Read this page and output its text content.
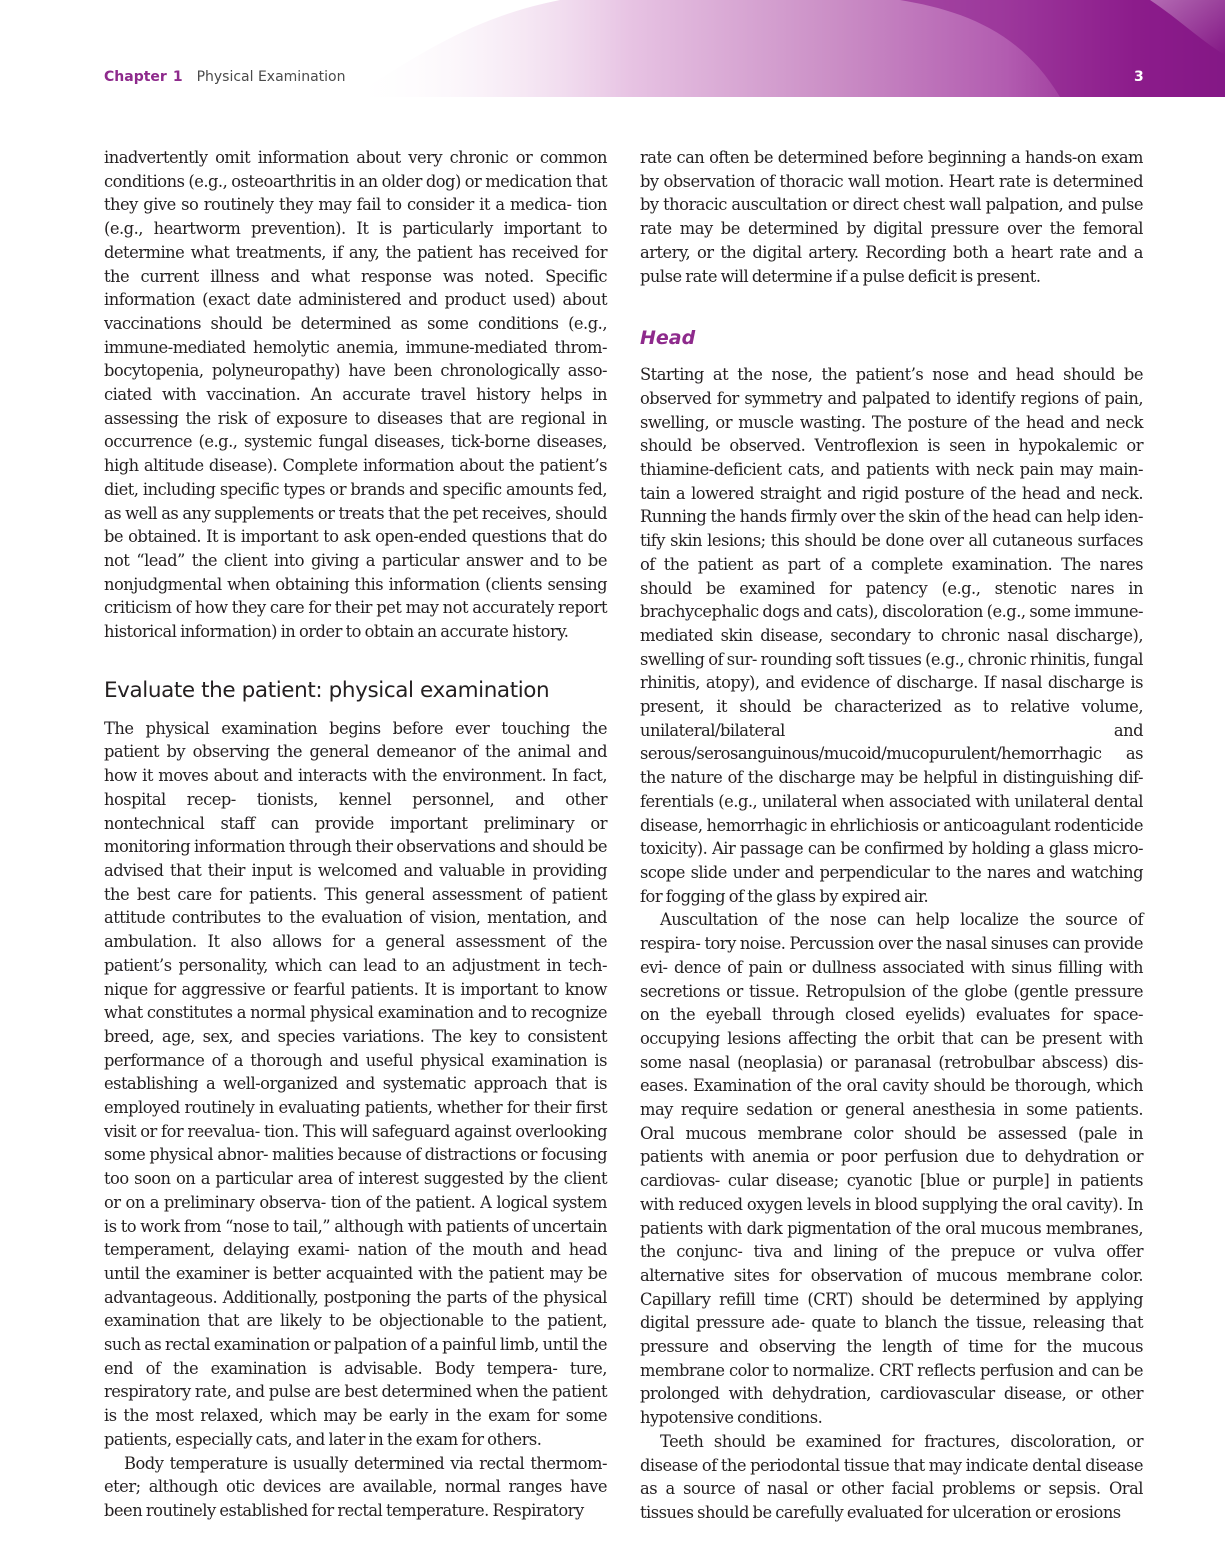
Chapter 1 Physical Examination	3

inadvertently omit information about very chronic or common conditions (e.g., osteoarthritis in an older dog) or medication that they give so routinely they may fail to consider it a medica- tion (e.g., heartworm prevention). It is particularly important to determine what treatments, if any, the patient has received for the current illness and what response was noted. Specific information (exact date administered and product used) about vaccinations should be determined as some conditions (e.g., immune-mediated hemolytic anemia, immune-mediated throm- bocytopenia, polyneuropathy) have been chronologically asso- ciated with vaccination. An accurate travel history helps in assessing the risk of exposure to diseases that are regional in occurrence (e.g., systemic fungal diseases, tick-borne diseases, high altitude disease). Complete information about the patient’s diet, including specific types or brands and specific amounts fed, as well as any supplements or treats that the pet receives, should be obtained. It is important to ask open-ended questions that do not “lead” the client into giving a particular answer and to be nonjudgmental when obtaining this information (clients sensing criticism of how they care for their pet may not accurately report historical information) in order to obtain an accurate history.

Evaluate the patient: physical examination

The physical examination begins before ever touching the patient by observing the general demeanor of the animal and how it moves about and interacts with the environment. In fact, hospital recep- tionists, kennel personnel, and other nontechnical staff can provide important preliminary or monitoring information through their observations and should be advised that their input is welcomed and valuable in providing the best care for patients. This general assessment of patient attitude contributes to the evaluation of vision, mentation, and ambulation. It also allows for a general assessment of the patient’s personality, which can lead to an adjustment in tech- nique for aggressive or fearful patients. It is important to know what constitutes a normal physical examination and to recognize breed, age, sex, and species variations. The key to consistent performance of a thorough and useful physical examination is establishing a well-organized and systematic approach that is employed routinely in evaluating patients, whether for their first visit or for reevalua- tion. This will safeguard against overlooking some physical abnor- malities because of distractions or focusing too soon on a particular area of interest suggested by the client or on a preliminary observa- tion of the patient. A logical system is to work from “nose to tail,” although with patients of uncertain temperament, delaying exami- nation of the mouth and head until the examiner is better acquainted with the patient may be advantageous. Additionally, postponing the parts of the physical examination that are likely to be objectionable to the patient, such as rectal examination or palpation of a painful limb, until the end of the examination is advisable. Body tempera- ture, respiratory rate, and pulse are best determined when the patient is the most relaxed, which may be early in the exam for some patients, especially cats, and later in the exam for others.

Body temperature is usually determined via rectal thermom- eter; although otic devices are available, normal ranges have been routinely established for rectal temperature. Respiratory

rate can often be determined before beginning a hands-on exam by observation of thoracic wall motion. Heart rate is determined by thoracic auscultation or direct chest wall palpation, and pulse rate may be determined by digital pressure over the femoral artery, or the digital artery. Recording both a heart rate and a pulse rate will determine if a pulse deficit is present.

Head

Starting at the nose, the patient’s nose and head should be observed for symmetry and palpated to identify regions of pain, swelling, or muscle wasting. The posture of the head and neck should be observed. Ventroflexion is seen in hypokalemic or thiamine-deficient cats, and patients with neck pain may main- tain a lowered straight and rigid posture of the head and neck. Running the hands firmly over the skin of the head can help iden- tify skin lesions; this should be done over all cutaneous surfaces of the patient as part of a complete examination. The nares should be examined for patency (e.g., stenotic nares in brachycephalic dogs and cats), discoloration (e.g., some immune-mediated skin disease, secondary to chronic nasal discharge), swelling of sur- rounding soft tissues (e.g., chronic rhinitis, fungal rhinitis, atopy), and evidence of discharge. If nasal discharge is present, it should be characterized as to relative volume, unilateral/bilateral and serous/serosanguinous/mucoid/mucopurulent/hemorrhagic as the nature of the discharge may be helpful in distinguishing dif- ferentials (e.g., unilateral when associated with unilateral dental disease, hemorrhagic in ehrlichiosis or anticoagulant rodenticide toxicity). Air passage can be confirmed by holding a glass micro- scope slide under and perpendicular to the nares and watching for fogging of the glass by expired air.

Auscultation of the nose can help localize the source of respira- tory noise. Percussion over the nasal sinuses can provide evi- dence of pain or dullness associated with sinus filling with secretions or tissue. Retropulsion of the globe (gentle pressure on the eyeball through closed eyelids) evaluates for space- occupying lesions affecting the orbit that can be present with some nasal (neoplasia) or paranasal (retrobulbar abscess) dis- eases. Examination of the oral cavity should be thorough, which may require sedation or general anesthesia in some patients. Oral mucous membrane color should be assessed (pale in patients with anemia or poor perfusion due to dehydration or cardiovas- cular disease; cyanotic [blue or purple] in patients with reduced oxygen levels in blood supplying the oral cavity). In patients with dark pigmentation of the oral mucous membranes, the conjunc- tiva and lining of the prepuce or vulva offer alternative sites for observation of mucous membrane color. Capillary refill time (CRT) should be determined by applying digital pressure ade- quate to blanch the tissue, releasing that pressure and observing the length of time for the mucous membrane color to normalize. CRT reflects perfusion and can be prolonged with dehydration, cardiovascular disease, or other hypotensive conditions.

Teeth should be examined for fractures, discoloration, or disease of the periodontal tissue that may indicate dental disease as a source of nasal or other facial problems or sepsis. Oral tissues should be carefully evaluated for ulceration or erosions
